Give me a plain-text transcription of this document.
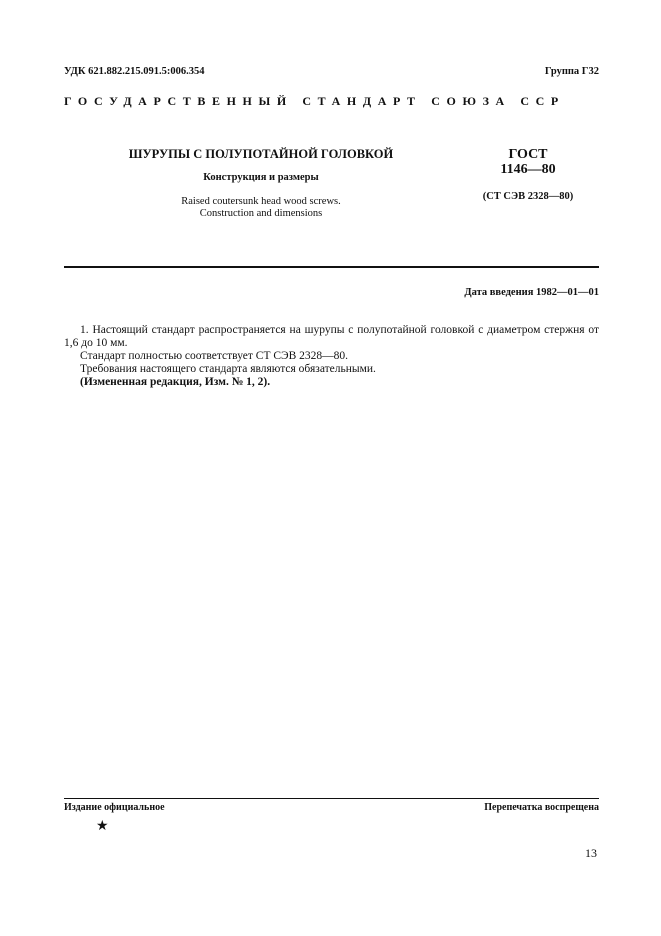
УДК 621.882.215.091.5:006.354	Группа Г32
ГОСУДАРСТВЕННЫЙ СТАНДАРТ СОЮЗА ССР
ШУРУПЫ С ПОЛУПОТАЙНОЙ ГОЛОВКОЙ
Конструкция и размеры
Raised coutersunk head wood screws.
Construction and dimensions
ГОСТ
1146—80
(СТ СЭВ 2328—80)
Дата введения 1982—01—01

1. Настоящий стандарт распространяется на шурупы с полупотайной головкой с диаметром стержня от 1,6 до 10 мм.

Стандарт полностью соответствует СТ СЭВ 2328—80.

Требования настоящего стандарта являются обязательными.

(Измененная редакция, Изм. № 1, 2).

Издание официальное	Перепечатка воспрещена
★
13
